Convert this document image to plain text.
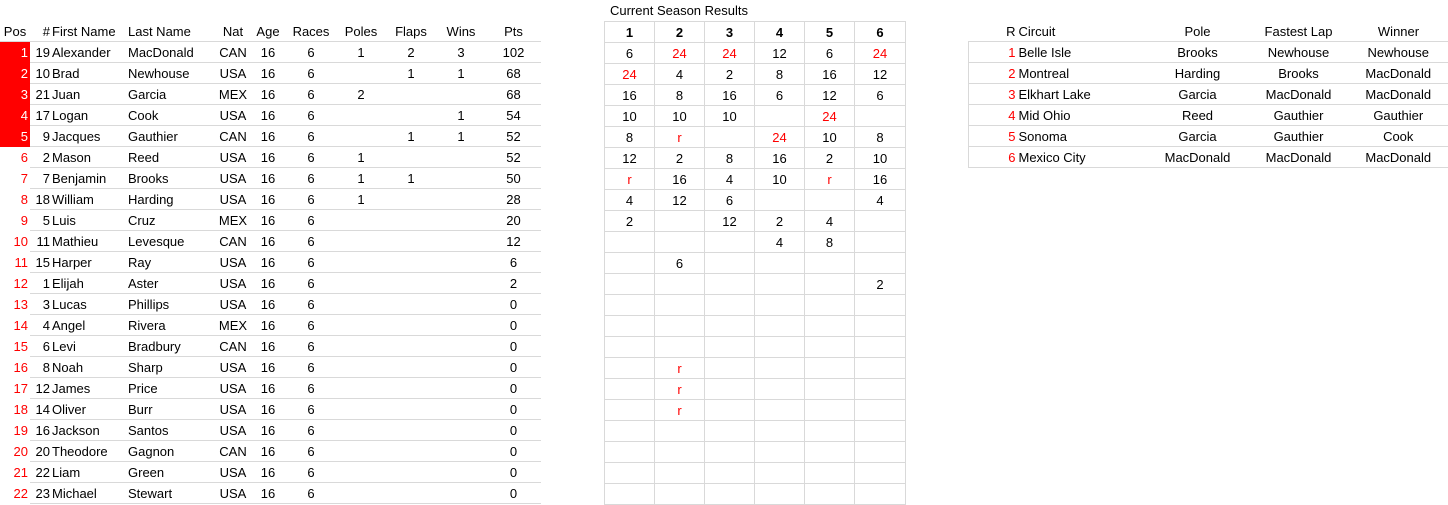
Pos	#	First Name	Last Name	Nat	Age	Races	Poles	Flaps	Wins	Pts
1	19	Alexander	MacDonald	CAN	16	6	1	2	3	102
2	10	Brad	Newhouse	USA	16	6		1	1	68
3	21	Juan	Garcia	MEX	16	6	2			68
4	17	Logan	Cook	USA	16	6			1	54
5	9	Jacques	Gauthier	CAN	16	6		1	1	52
6	2	Mason	Reed	USA	16	6	1			52
7	7	Benjamin	Brooks	USA	16	6	1	1		50
8	18	William	Harding	USA	16	6	1			28
9	5	Luis	Cruz	MEX	16	6				20
10	11	Mathieu	Levesque	CAN	16	6				12
11	15	Harper	Ray	USA	16	6				6
12	1	Elijah	Aster	USA	16	6				2
13	3	Lucas	Phillips	USA	16	6				0
14	4	Angel	Rivera	MEX	16	6				0
15	6	Levi	Bradbury	CAN	16	6				0
16	8	Noah	Sharp	USA	16	6				0
17	12	James	Price	USA	16	6				0
18	14	Oliver	Burr	USA	16	6				0
19	16	Jackson	Santos	USA	16	6				0
20	20	Theodore	Gagnon	CAN	16	6				0
21	22	Liam	Green	USA	16	6				0
22	23	Michael	Stewart	USA	16	6				0
Current Season Results
1	2	3	4	5	6
6	24	24	12	6	24
24	4	2	8	16	12
16	8	16	6	12	6
10	10	10		24	
8	r		24	10	8
12	2	8	16	2	10
r	16	4	10	r	16
4	12	6			4
2		12	2	4	
			4	8	
	6				
					2

	r				
	r				
	r				

R	Circuit	Pole	Fastest Lap	Winner
1	Belle Isle	Brooks	Newhouse	Newhouse
2	Montreal	Harding	Brooks	MacDonald
3	Elkhart Lake	Garcia	MacDonald	MacDonald
4	Mid Ohio	Reed	Gauthier	Gauthier
5	Sonoma	Garcia	Gauthier	Cook
6	Mexico City	MacDonald	MacDonald	MacDonald
